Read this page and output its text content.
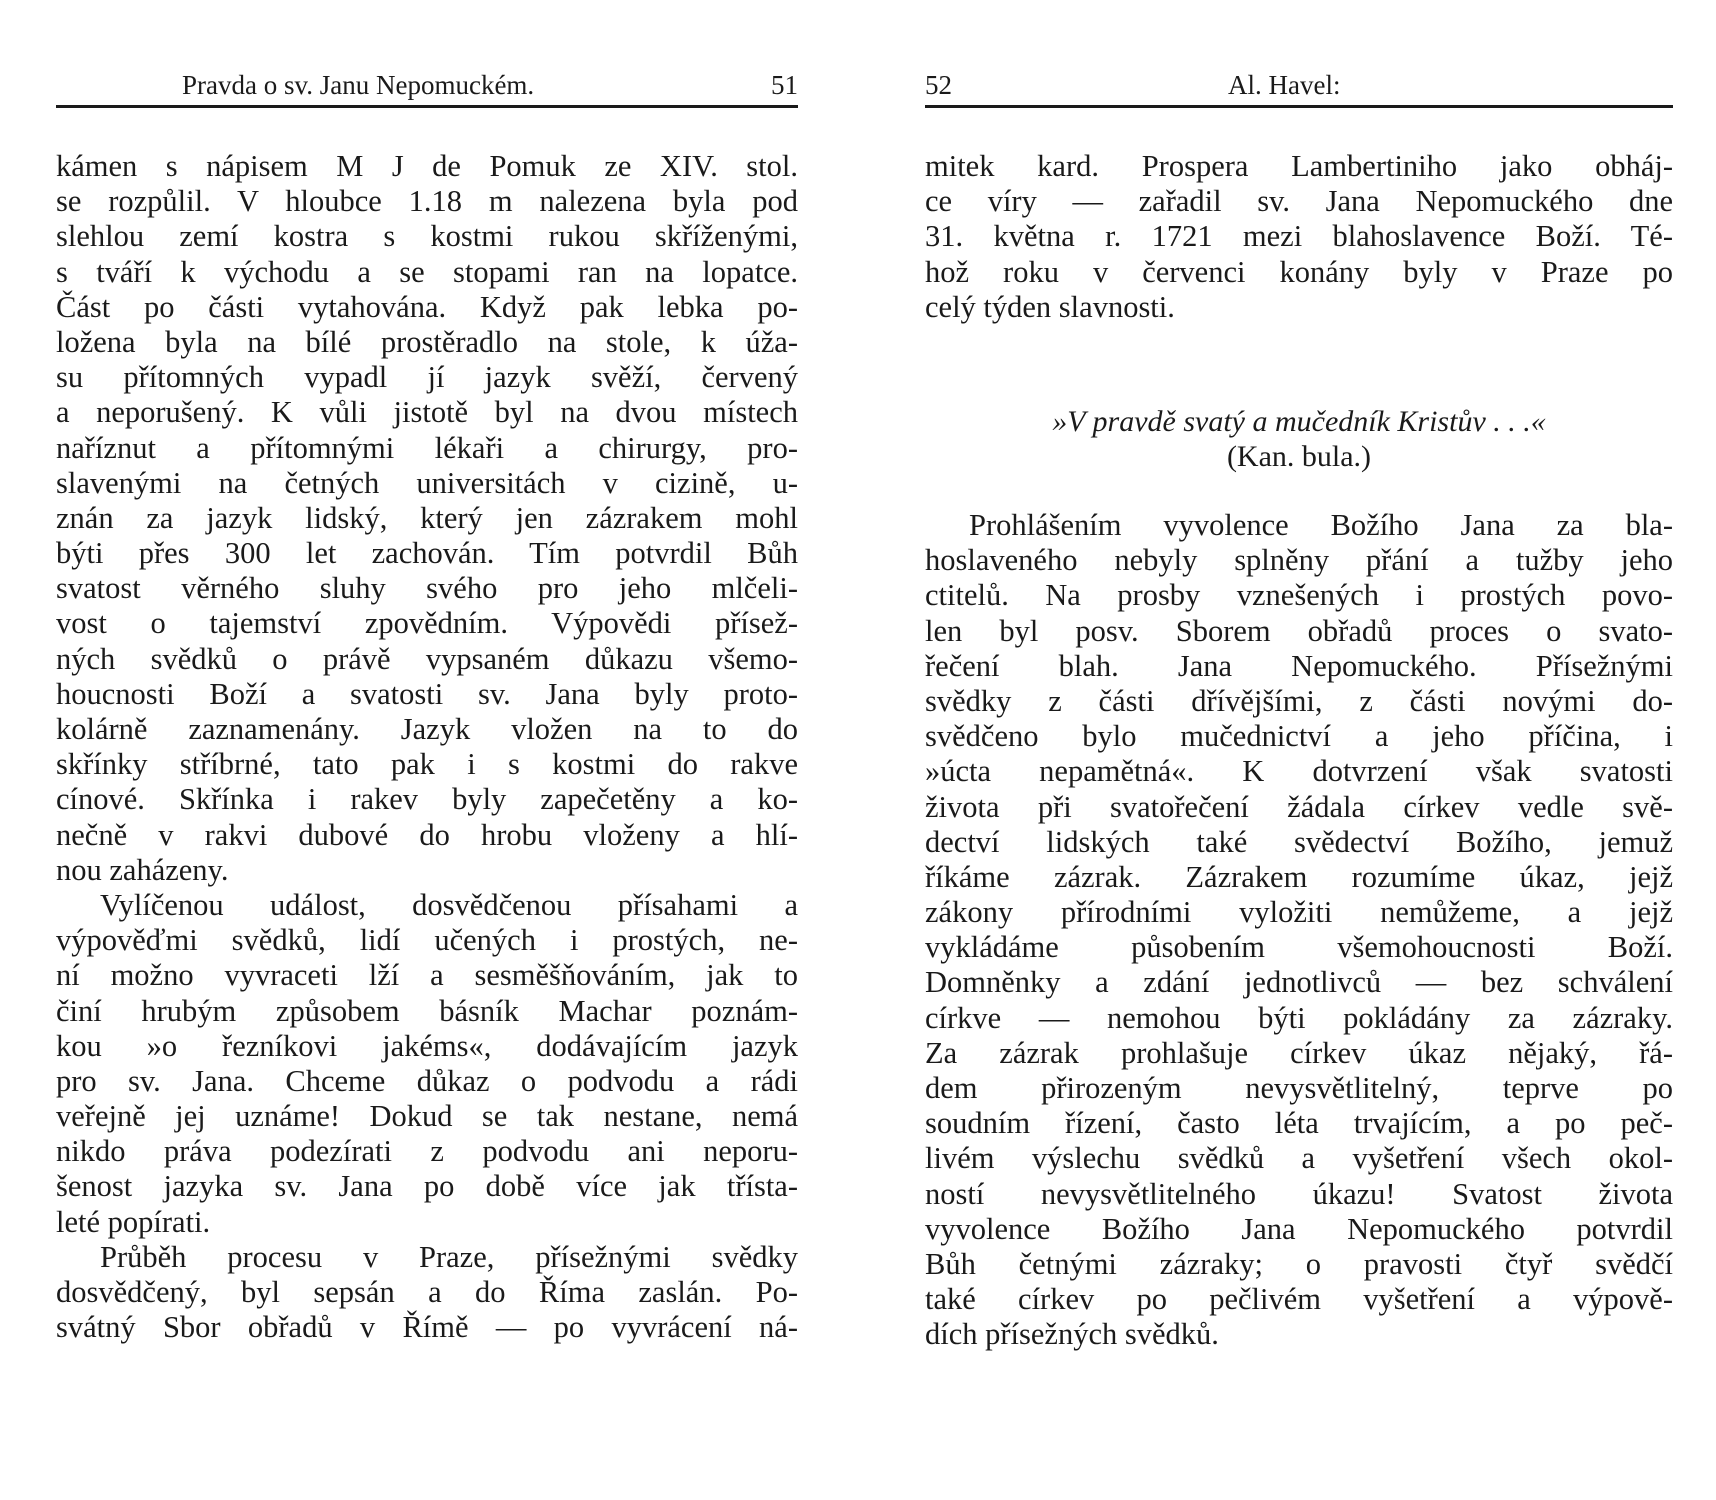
Pravda o sv. Janu Nepomuckém.	51
kámen s nápisem M J de Pomuk ze XIV. stol.
se rozpůlil. V hloubce 1.18 m nalezena byla pod
slehlou zemí kostra s kostmi rukou skříženými,
s tváří k východu a se stopami ran na lopatce.
Část po části vytahována. Když pak lebka po-
ložena byla na bílé prostěradlo na stole, k úža-
su přítomných vypadl jí jazyk svěží, červený
a neporušený. K vůli jistotě byl na dvou místech
naříznut a přítomnými lékaři a chirurgy, pro-
slavenými na četných universitách v cizině, u-
znán za jazyk lidský, který jen zázrakem mohl
býti přes 300 let zachován. Tím potvrdil Bůh
svatost věrného sluhy svého pro jeho mlčeli-
vost o tajemství zpovědním. Výpovědi přísež-
ných svědků o právě vypsaném důkazu všemo-
houcnosti Boží a svatosti sv. Jana byly proto-
kolárně zaznamenány. Jazyk vložen na to do
skřínky stříbrné, tato pak i s kostmi do rakve
cínové. Skřínka i rakev byly zapečetěny a ko-
nečně v rakvi dubové do hrobu vloženy a hlí-
nou zaházeny.
Vylíčenou událost, dosvědčenou přísahami a
výpověďmi svědků, lidí učených i prostých, ne-
ní možno vyvraceti lží a sesměšňováním, jak to
činí hrubým způsobem básník Machar poznám-
kou »o řezníkovi jakéms«, dodávajícím jazyk
pro sv. Jana. Chceme důkaz o podvodu a rádi
veřejně jej uznáme! Dokud se tak nestane, nemá
nikdo práva podezírati z podvodu ani neporu-
šenost jazyka sv. Jana po době více jak třísta-
leté popírati.
Průběh procesu v Praze, přísežnými svědky
dosvědčený, byl sepsán a do Říma zaslán. Po-
svátný Sbor obřadů v Římě — po vyvrácení ná-
52	Al. Havel:
mitek kard. Prospera Lambertiniho jako obháj-
ce víry — zařadil sv. Jana Nepomuckého dne
31. května r. 1721 mezi blahoslavence Boží. Té-
hož roku v červenci konány byly v Praze po
celý týden slavnosti.
»V pravdě svatý a mučedník Kristův . . .«
(Kan. bula.)
Prohlášením vyvolence Božího Jana za bla-
hoslaveného nebyly splněny přání a tužby jeho
ctitelů. Na prosby vznešených i prostých povo-
len byl posv. Sborem obřadů proces o svato-
řečení blah. Jana Nepomuckého. Přísežnými
svědky z části dřívějšími, z části novými do-
svědčeno bylo mučednictví a jeho příčina, i
»úcta nepamětná«. K dotvrzení však svatosti
života při svatořečení žádala církev vedle svě-
dectví lidských také svědectví Božího, jemuž
říkáme zázrak. Zázrakem rozumíme úkaz, jejž
zákony přírodními vyložiti nemůžeme, a jejž
vykládáme působením všemohoucnosti Boží.
Domněnky a zdání jednotlivců — bez schválení
církve — nemohou býti pokládány za zázraky.
Za zázrak prohlašuje církev úkaz nějaký, řá-
dem přirozeným nevysvětlitelný, teprve po
soudním řízení, často léta trvajícím, a po peč-
livém výslechu svědků a vyšetření všech okol-
ností nevysvětlitelného úkazu! Svatost života
vyvolence Božího Jana Nepomuckého potvrdil
Bůh četnými zázraky; o pravosti čtyř svědčí
také církev po pečlivém vyšetření a výpově-
dích přísežných svědků.
